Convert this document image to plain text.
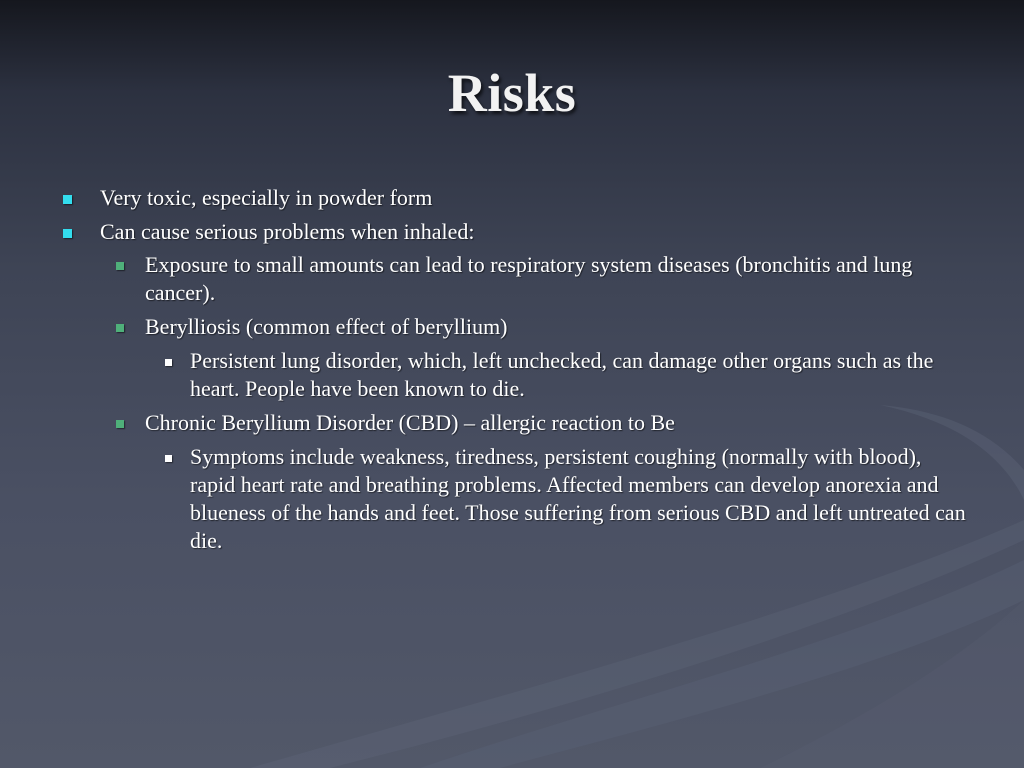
Risks
Very toxic, especially in powder form
Can cause serious problems when inhaled:
Exposure to small amounts can lead to respiratory system diseases (bronchitis and lung cancer).
Berylliosis (common effect of beryllium)
Persistent lung disorder, which, left unchecked, can damage other organs such as the heart. People have been known to die.
Chronic Beryllium Disorder (CBD) – allergic reaction to Be
Symptoms include weakness, tiredness, persistent coughing (normally with blood), rapid heart rate and breathing problems. Affected members can develop anorexia and blueness of the hands and feet. Those suffering from serious CBD and left untreated can die.
